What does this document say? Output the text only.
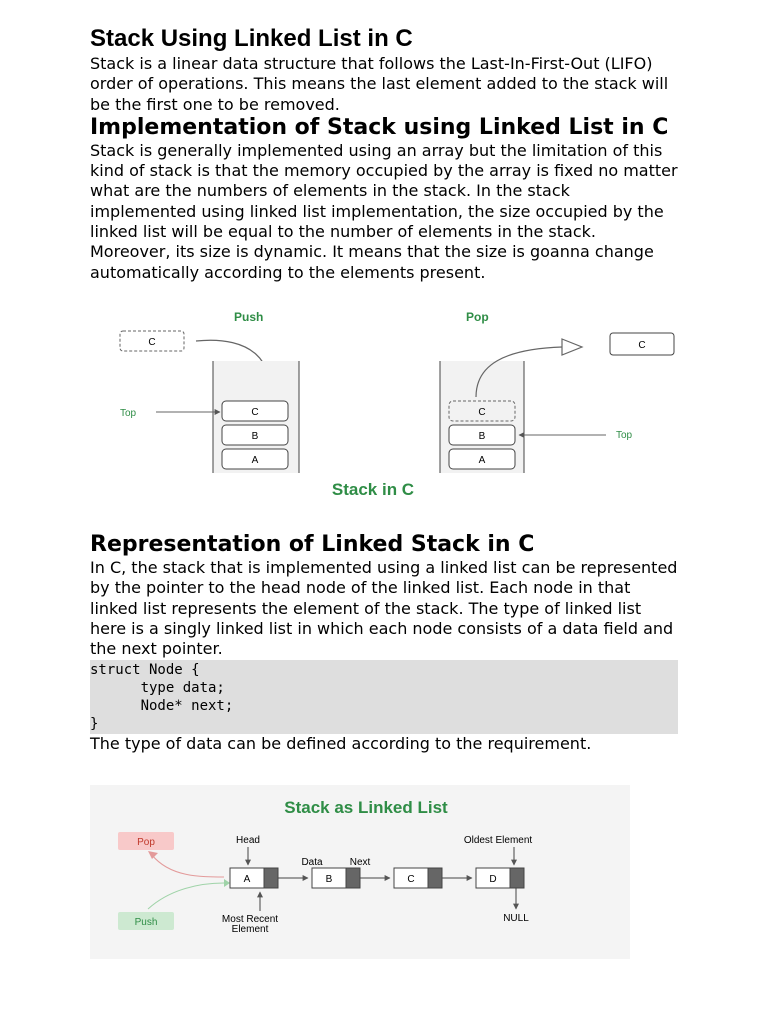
Stack Using Linked List in C

Stack is a linear data structure that follows the Last-In-First-Out (LIFO) order of operations. This means the last element added to the stack will be the first one to be removed.

Implementation of Stack using Linked List in C

Stack is generally implemented using an array but the limitation of this kind of stack is that the memory occupied by the array is fixed no matter what are the numbers of elements in the stack. In the stack implemented using linked list implementation, the size occupied by the linked list will be equal to the number of elements in the stack. Moreover, its size is dynamic. It means that the size is goanna change automatically according to the elements present.

Push
C
C
B
A
Top
Pop
C
B
A
C
Top
Stack in C
Representation of Linked Stack in C

In C, the stack that is implemented using a linked list can be represented by the pointer to the head node of the linked list. Each node in that linked list represents the element of the stack. The type of linked list here is a singly linked list in which each node consists of a data field and the next pointer.

struct Node {
type data;
Node* next;
}

The type of data can be defined according to the requirement.

Stack as Linked List
Pop
Push
Head
Data	Next
Oldest Element
A	B	C	D
NULL
Most Recent
Element
